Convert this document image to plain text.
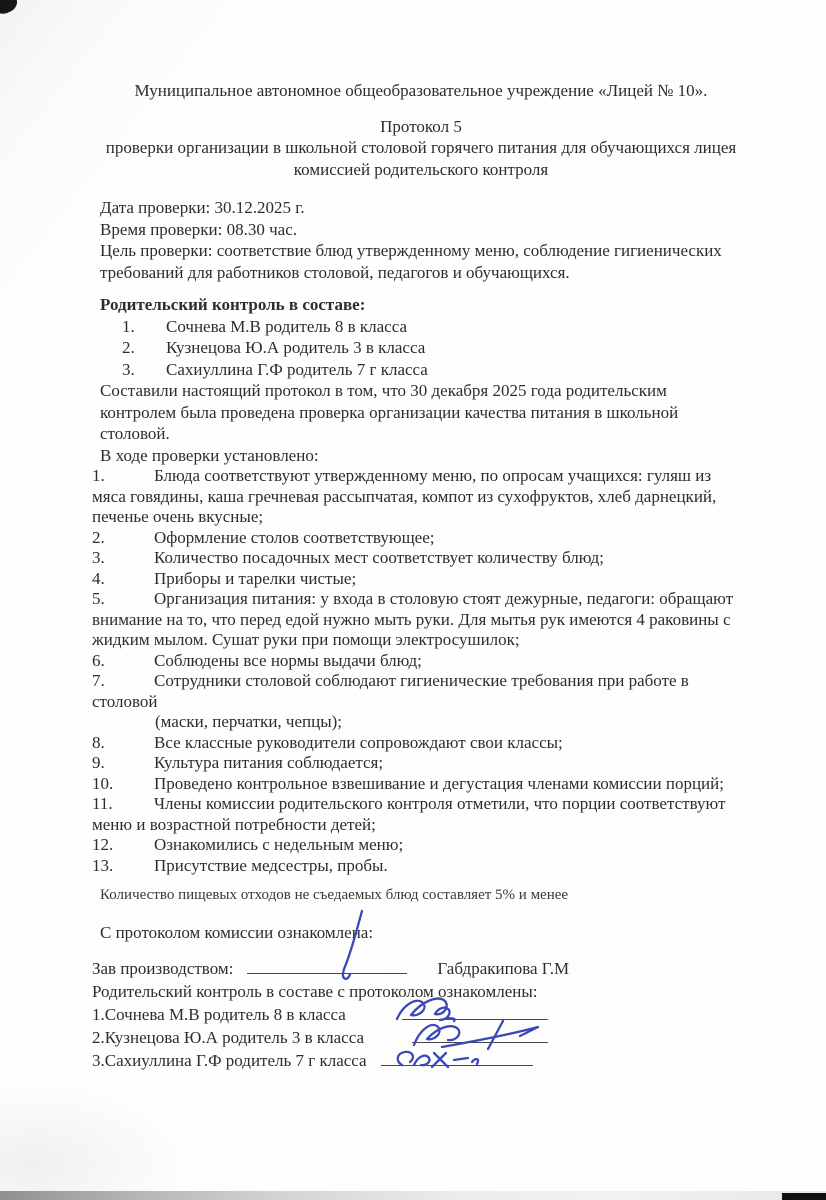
Муниципальное автономное общеобразовательное учреждение «Лицей № 10».
Протокол 5
проверки организации в школьной столовой горячего питания для обучающихся лицея
комиссией родительского контроля
Дата проверки: 30.12.2025 г.
Время проверки: 08.30 час.
Цель проверки: соответствие блюд утвержденному меню, соблюдение гигиенических требований для работников столовой, педагогов и обучающихся.
Родительский контроль в составе:
1. Сочнева М.В родитель 8 в класса
2. Кузнецова Ю.А родитель 3 в класса
3. Сахиуллина Г.Ф родитель 7 г класса
Составили настоящий протокол в том, что 30 декабря 2025 года родительским контролем была проведена проверка организации качества питания в школьной столовой.
В ходе проверки установлено:

1.	Блюда соответствуют утвержденному меню, по опросам учащихся: гуляш из мяса говядины, каша гречневая рассыпчатая, компот из сухофруктов, хлеб дарнецкий, печенье очень вкусные;

2.	Оформление столов соответствующее;

3.	Количество посадочных мест соответствует количеству блюд;

4.	Приборы и тарелки чистые;

5.	Организация питания: у входа в столовую стоят дежурные, педагоги: обращают внимание на то, что перед едой нужно мыть руки. Для мытья рук имеются 4 раковины с жидким мылом. Сушат руки при помощи электросушилок;

6.	Соблюдены все нормы выдачи блюд;

7.	Сотрудники столовой соблюдают гигиенические требования при работе в столовой
(маски, перчатки, чепцы);

8.	Все классные руководители сопровождают свои классы;

9.	Культура питания соблюдается;

10. Проведено контрольное взвешивание и дегустация членами комиссии порций;

11. Члены комиссии родительского контроля отметили, что порции соответствуют меню и возрастной потребности детей;

12. Ознакомились с недельным меню;

13. Присутствие медсестры, пробы.

Количество пищевых отходов не съедаемых блюд составляет 5% и менее
С протоколом комиссии ознакомлена:
Зав производством:	Габдракипова Г.М
Родительский контроль в составе с протоколом ознакомлены:
1.Сочнева М.В родитель 8 в класса
2.Кузнецова Ю.А родитель 3 в класса
3.Сахиуллина Г.Ф родитель 7 г класса
